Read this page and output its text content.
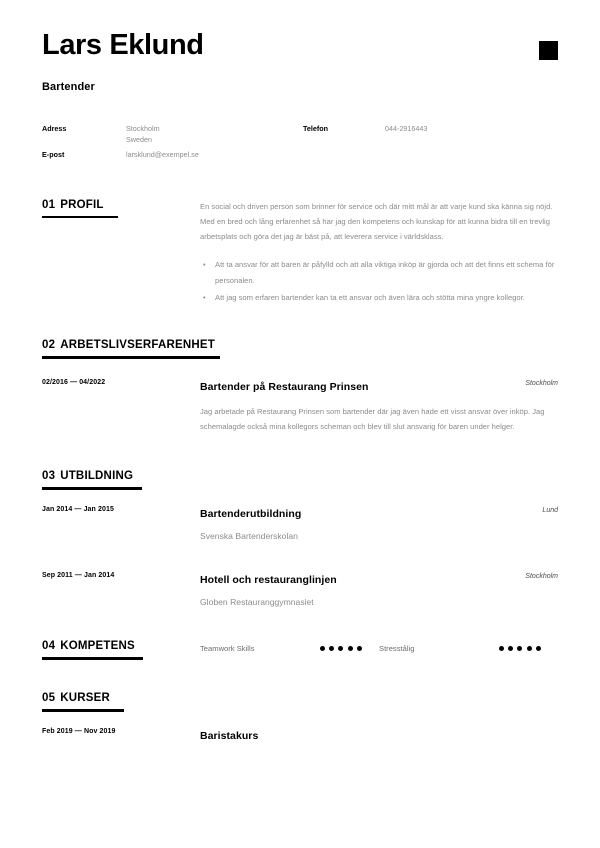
Lars Eklund
Bartender
Adress	Stockholm
Sweden
E-post	larsklund@exempel.se
Telefon	044-2916443
01 PROFIL	En social och driven person som brinner för service och där mitt mål är att varje kund ska känna sig nöjd. Med en bred och lång erfarenhet så har jag den kompetens och kunskap för att kunna bidra till en trevlig arbetsplats och göra det jag är bäst på, att leverera service i världsklass.
• Att ta ansvar för att baren är påfylld och att alla viktiga inköp är gjorda och att det finns ett schema för personalen.
• Att jag som erfaren bartender kan ta ett ansvar och även lära och stötta mina yngre kollegor.
02 ARBETSLIVSERFARENHET
02/2016 — 04/2022	Bartender på Restaurang Prinsen	Stockholm
Jag arbetade på Restaurang Prinsen som bartender där jag även hade ett visst ansvar över inköp. Jag schemalagde också mina kollegors scheman och blev till slut ansvarig för baren under helger.
03 UTBILDNING
Jan 2014 — Jan 2015	Bartenderutbildning	Lund
Svenska Bartenderskolan
Sep 2011 — Jan 2014	Hotell och restauranglinjen	Stockholm
Globen Restauranggymnasiet
04 KOMPETENS	Teamwork Skills	Stresstålig
05 KURSER
Feb 2019 — Nov 2019	Baristakurs
